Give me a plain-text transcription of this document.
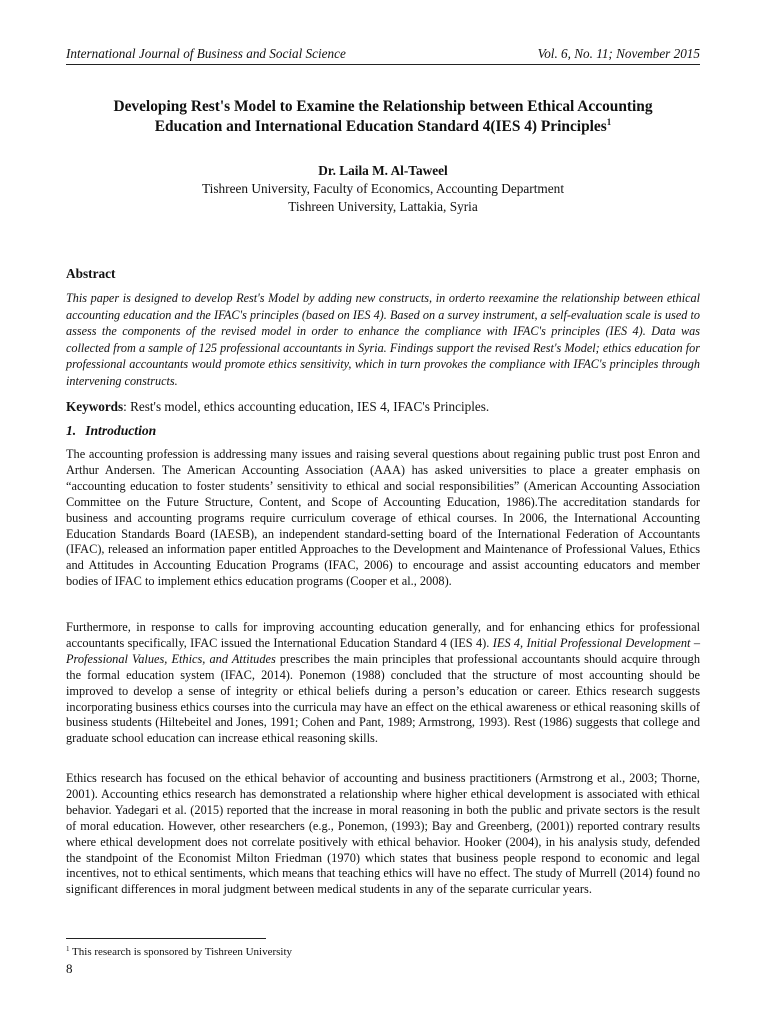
International Journal of Business and Social Science	Vol. 6, No. 11; November 2015
Developing Rest's Model to Examine the Relationship between Ethical Accounting
Education and International Education Standard 4(IES 4) Principles$^1$
Dr. Laila M. Al-Taweel
Tishreen University, Faculty of Economics, Accounting Department
Tishreen University, Lattakia, Syria
Abstract
This paper is designed to develop Rest's Model by adding new constructs, in orderto reexamine the relationship between ethical accounting education and the IFAC's principles (based on IES 4). Based on a survey instrument, a self-evaluation scale is used to assess the components of the revised model in order to enhance the compliance with IFAC's principles (IES 4). Data was collected from a sample of 125 professional accountants in Syria. Findings support the revised Rest's Model; ethics education for professional accountants would promote ethics sensitivity, which in turn provokes the compliance with IFAC's principles through intervening constructs.
Keywords: Rest's model, ethics accounting education, IES 4, IFAC's Principles.
1. Introduction
The accounting profession is addressing many issues and raising several questions about regaining public trust post Enron and Arthur Andersen. The American Accounting Association (AAA) has asked universities to place a greater emphasis on “accounting education to foster students’ sensitivity to ethical and social responsibilities” (American Accounting Association Committee on the Future Structure, Content, and Scope of Accounting Education, 1986).The accreditation standards for business and accounting programs require curriculum coverage of ethical courses. In 2006, the International Accounting Education Standards Board (IAESB), an independent standard-setting board of the International Federation of Accountants (IFAC), released an information paper entitled Approaches to the Development and Maintenance of Professional Values, Ethics and Attitudes in Accounting Education Programs (IFAC, 2006) to encourage and assist accounting educators and member bodies of IFAC to implement ethics education programs (Cooper et al., 2008).
Furthermore, in response to calls for improving accounting education generally, and for enhancing ethics for professional accountants specifically, IFAC issued the International Education Standard 4 (IES 4). IES 4, Initial Professional Development – Professional Values, Ethics, and Attitudes prescribes the main principles that professional accountants should acquire through the formal education system (IFAC, 2014). Ponemon (1988) concluded that the structure of most accounting should be improved to develop a sense of integrity or ethical beliefs during a person’s education or career. Ethics research suggests incorporating business ethics courses into the curricula may have an effect on the ethical awareness or ethical reasoning skills of business students (Hiltebeitel and Jones, 1991; Cohen and Pant, 1989; Armstrong, 1993). Rest (1986) suggests that college and graduate school education can increase ethical reasoning skills.
Ethics research has focused on the ethical behavior of accounting and business practitioners (Armstrong et al., 2003; Thorne, 2001). Accounting ethics research has demonstrated a relationship where higher ethical development is associated with ethical behavior. Yadegari et al. (2015) reported that the increase in moral reasoning in both the public and private sectors is the result of moral education. However, other researchers (e.g., Ponemon, (1993); Bay and Greenberg, (2001)) reported contrary results where ethical development does not correlate positively with ethical behavior. Hooker (2004), in his analysis study, defended the standpoint of the Economist Milton Friedman (1970) which states that business people respond to economic and legal incentives, not to ethical sentiments, which means that teaching ethics will have no effect. The study of Murrell (2014) found no significant differences in moral judgment between medical students in any of the separate curricular years.
$^1$ This research is sponsored by Tishreen University
8
